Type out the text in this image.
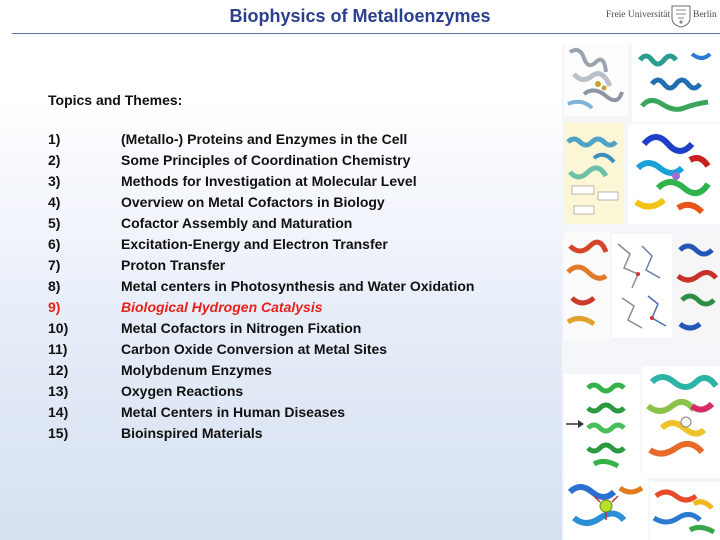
Biophysics of Metalloenzymes	Freie Universität Berlin
Topics and Themes:
1)	(Metallo-) Proteins and Enzymes in the Cell
2)	Some Principles of Coordination Chemistry
3)	Methods for Investigation at Molecular Level
4)	Overview on Metal Cofactors in Biology
5)	Cofactor Assembly and Maturation
6)	Excitation-Energy and Electron Transfer
7)	Proton Transfer
8)	Metal centers in Photosynthesis and Water Oxidation
9)	Biological Hydrogen Catalysis
10)	Metal Cofactors in Nitrogen Fixation
11)	Carbon Oxide Conversion at Metal Sites
12)	Molybdenum Enzymes
13)	Oxygen Reactions
14)	Metal Centers in Human Diseases
15)	Bioinspired Materials
